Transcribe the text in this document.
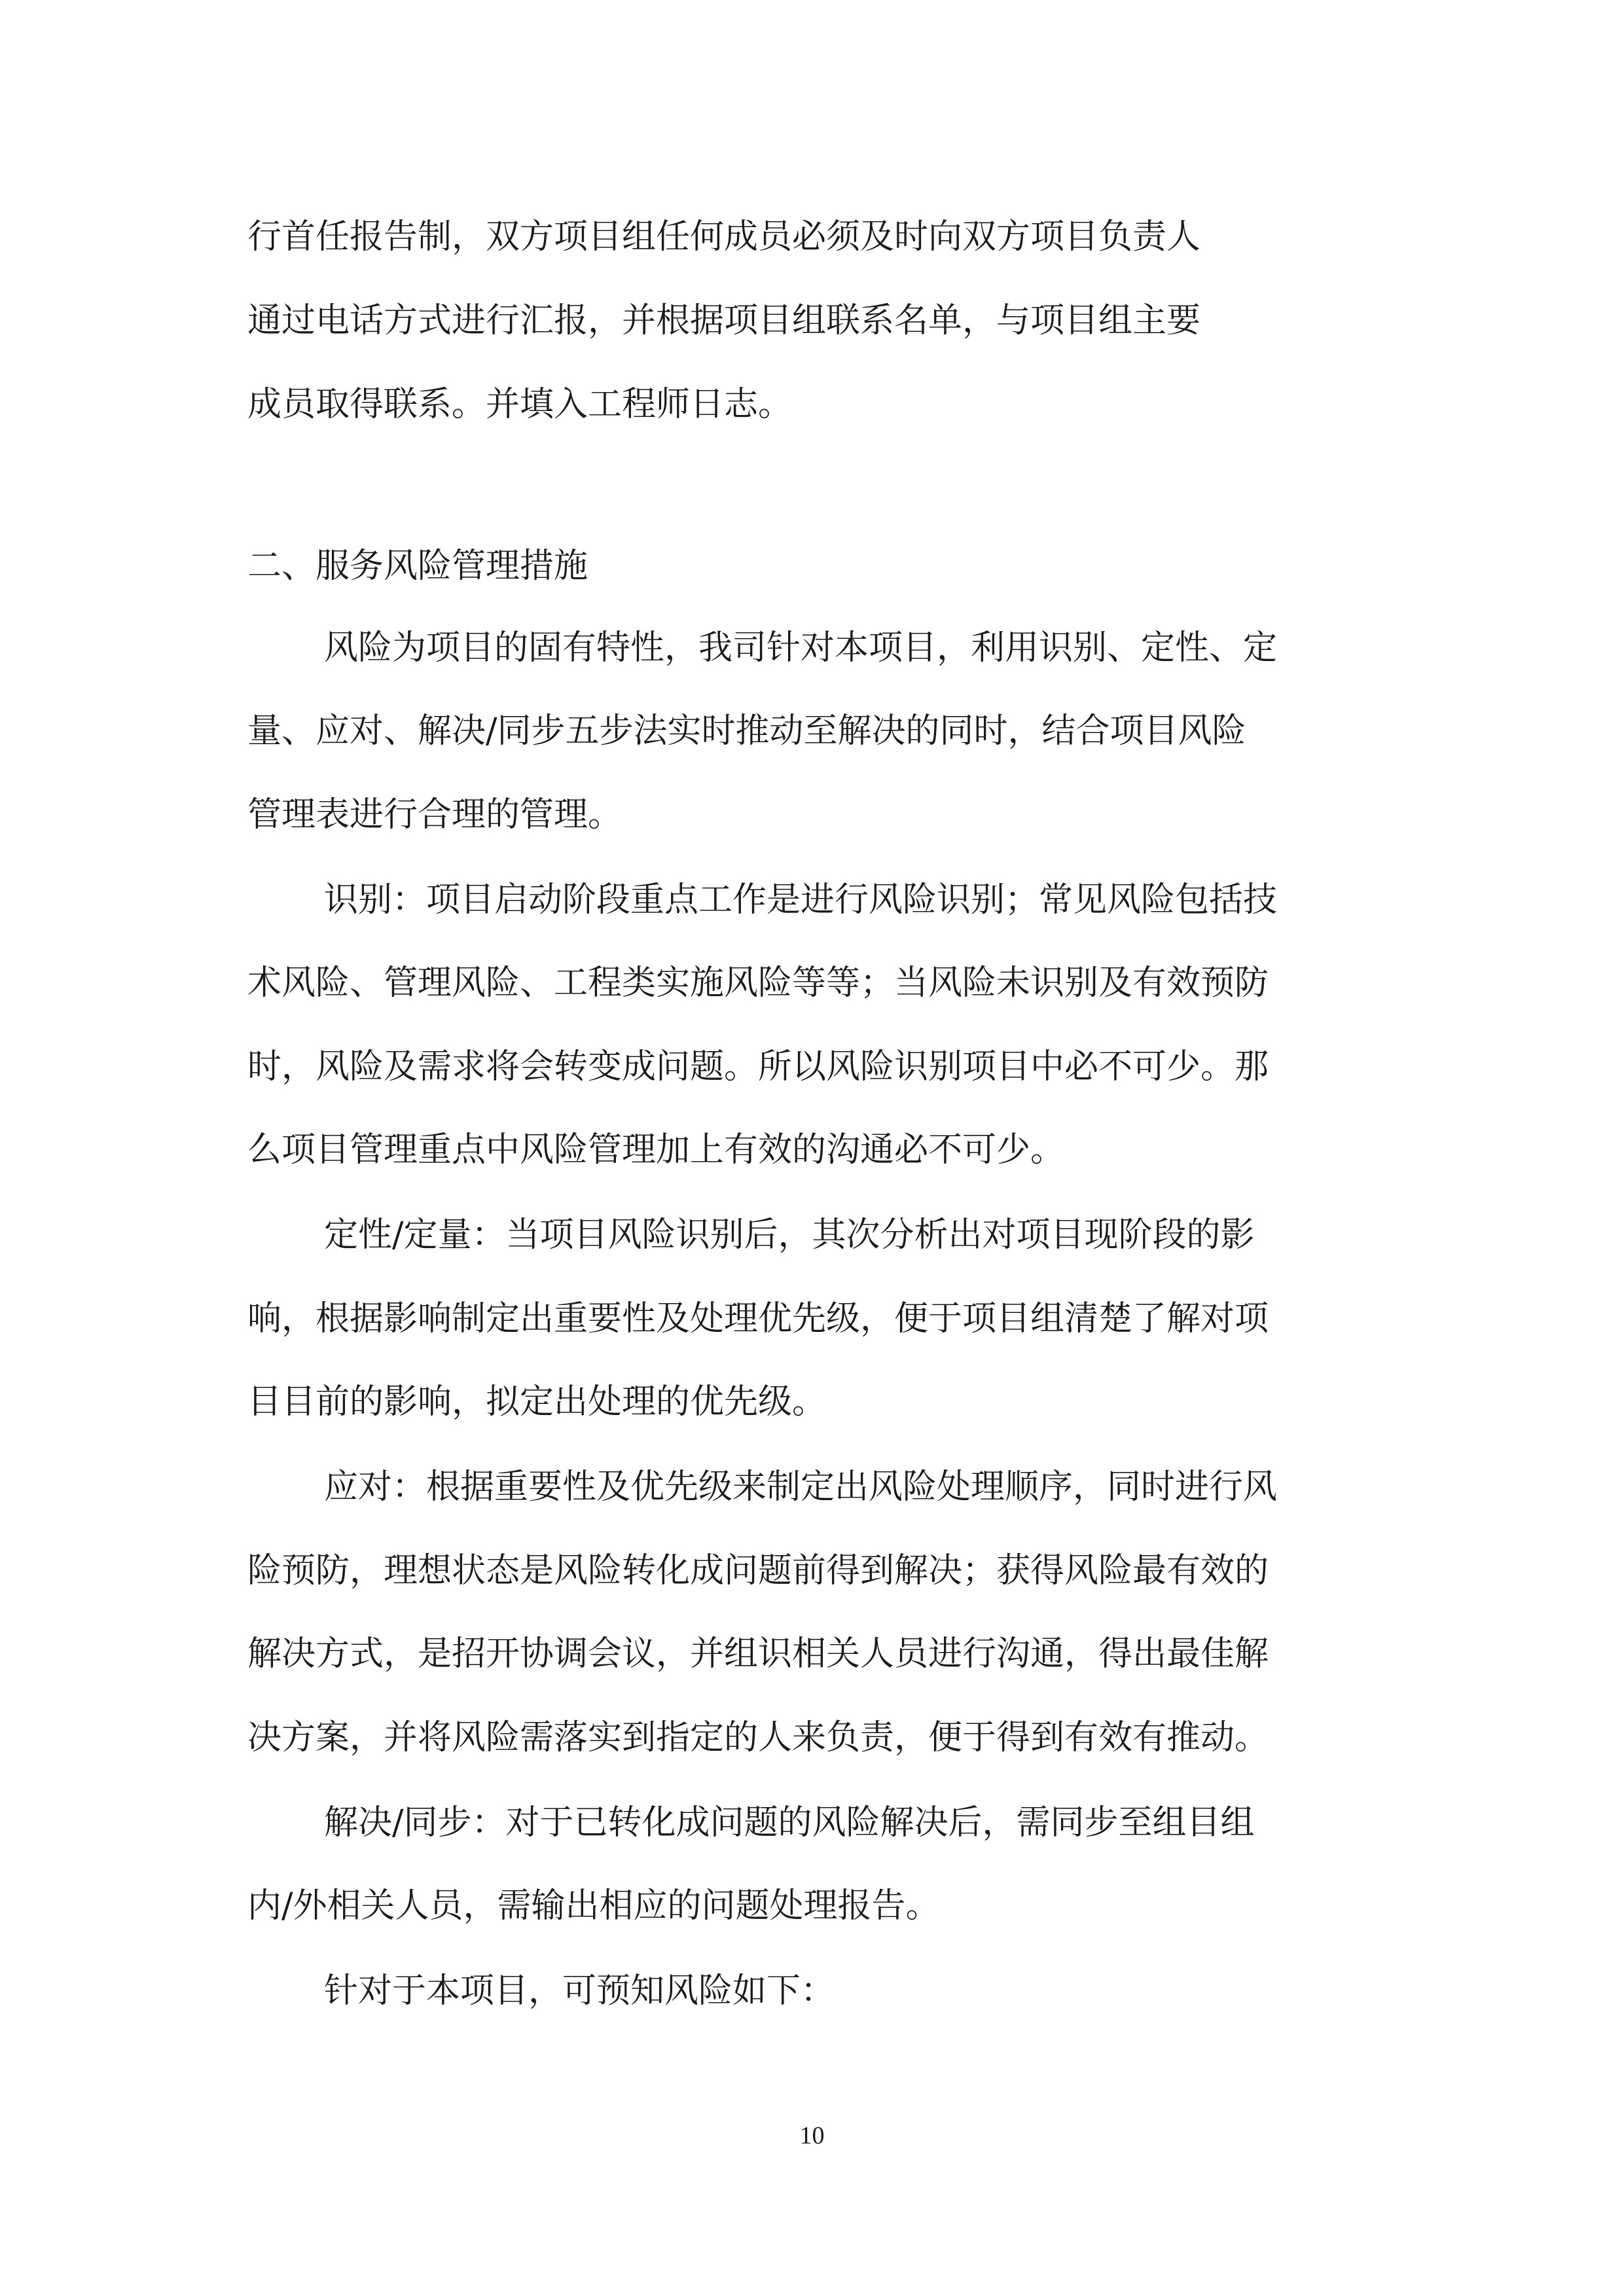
行首任报告制，双方项目组任何成员必须及时向双方项目负责人
通过电话方式进行汇报，并根据项目组联系名单，与项目组主要
成员取得联系。并填入工程师日志。
二、服务风险管理措施
风险为项目的固有特性，我司针对本项目，利用识别、定性、定
量、应对、解决/同步五步法实时推动至解决的同时，结合项目风险
管理表进行合理的管理。
识别：项目启动阶段重点工作是进行风险识别；常见风险包括技
术风险、管理风险、工程类实施风险等等；当风险未识别及有效预防
时，风险及需求将会转变成问题。所以风险识别项目中必不可少。那
么项目管理重点中风险管理加上有效的沟通必不可少。
定性/定量：当项目风险识别后，其次分析出对项目现阶段的影
响，根据影响制定出重要性及处理优先级，便于项目组清楚了解对项
目目前的影响，拟定出处理的优先级。
应对：根据重要性及优先级来制定出风险处理顺序，同时进行风
险预防，理想状态是风险转化成问题前得到解决；获得风险最有效的
解决方式，是招开协调会议，并组识相关人员进行沟通，得出最佳解
决方案，并将风险需落实到指定的人来负责，便于得到有效有推动。
解决/同步：对于已转化成问题的风险解决后，需同步至组目组
内/外相关人员，需输出相应的问题处理报告。
针对于本项目，可预知风险如下：
10
